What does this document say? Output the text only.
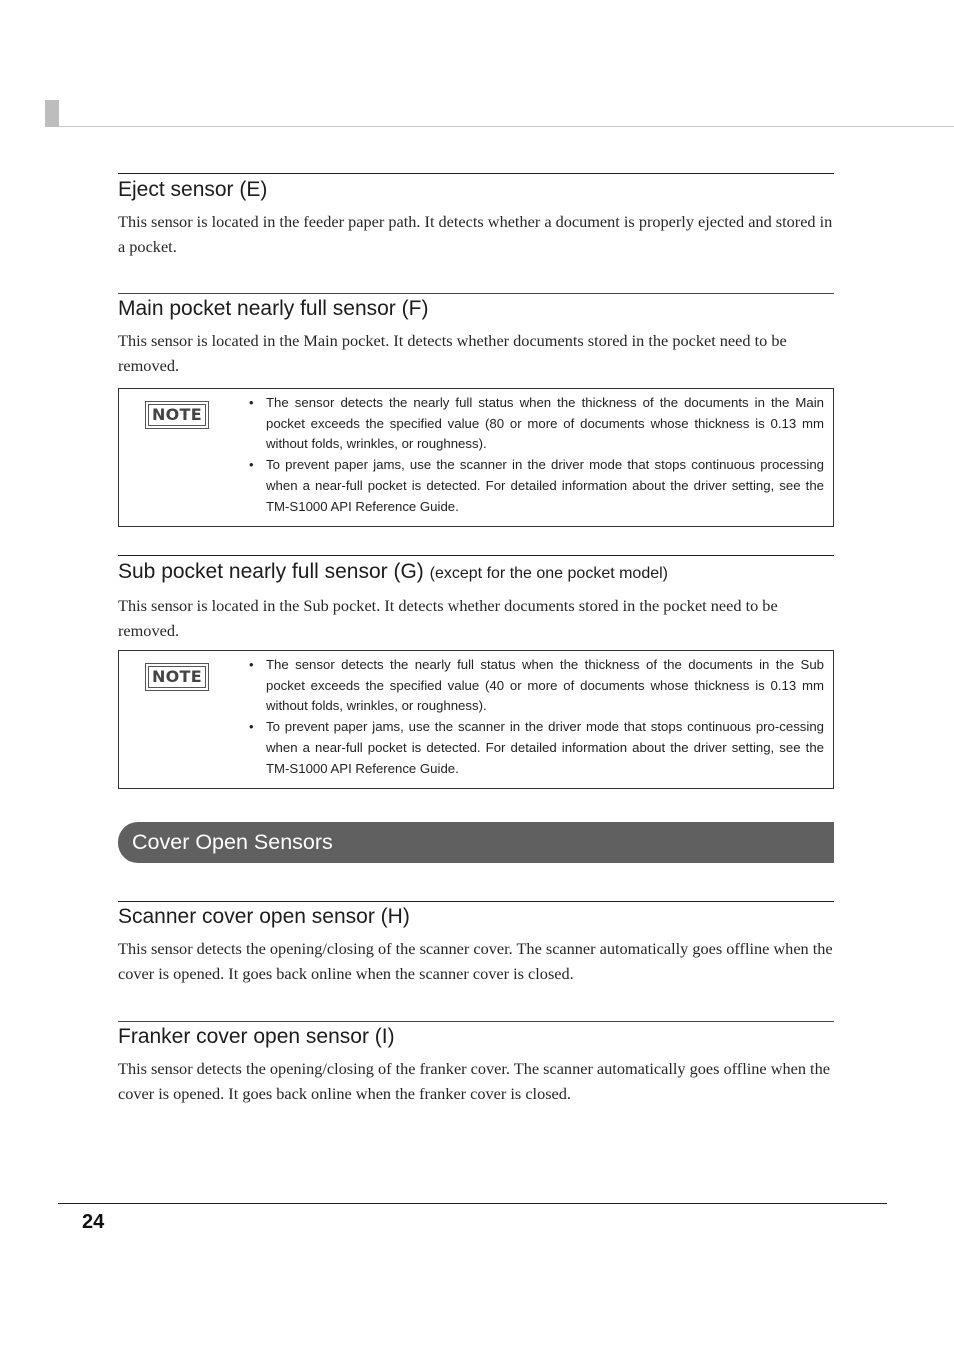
Eject sensor (E)

This sensor is located in the feeder paper path. It detects whether a document is properly ejected and stored in a pocket.

Main pocket nearly full sensor (F)

This sensor is located in the Main pocket. It detects whether documents stored in the pocket need to be removed.

NOTE
• The sensor detects the nearly full status when the thickness of the documents in the Main pocket exceeds the specified value (80 or more of documents whose thickness is 0.13 mm without folds, wrinkles, or roughness).
• To prevent paper jams, use the scanner in the driver mode that stops continuous processing when a near-full pocket is detected. For detailed information about the driver setting, see the TM-S1000 API Reference Guide.
Sub pocket nearly full sensor (G) (except for the one pocket model)

This sensor is located in the Sub pocket. It detects whether documents stored in the pocket need to be removed.

NOTE
• The sensor detects the nearly full status when the thickness of the documents in the Sub pocket exceeds the specified value (40 or more of documents whose thickness is 0.13 mm without folds, wrinkles, or roughness).
• To prevent paper jams, use the scanner in the driver mode that stops continuous pro-cessing when a near-full pocket is detected. For detailed information about the driver setting, see the TM-S1000 API Reference Guide.
Cover Open Sensors
Scanner cover open sensor (H)

This sensor detects the opening/closing of the scanner cover. The scanner automatically goes offline when the cover is opened. It goes back online when the scanner cover is closed.

Franker cover open sensor (I)

This sensor detects the opening/closing of the franker cover. The scanner automatically goes offline when the cover is opened. It goes back online when the franker cover is closed.

24
